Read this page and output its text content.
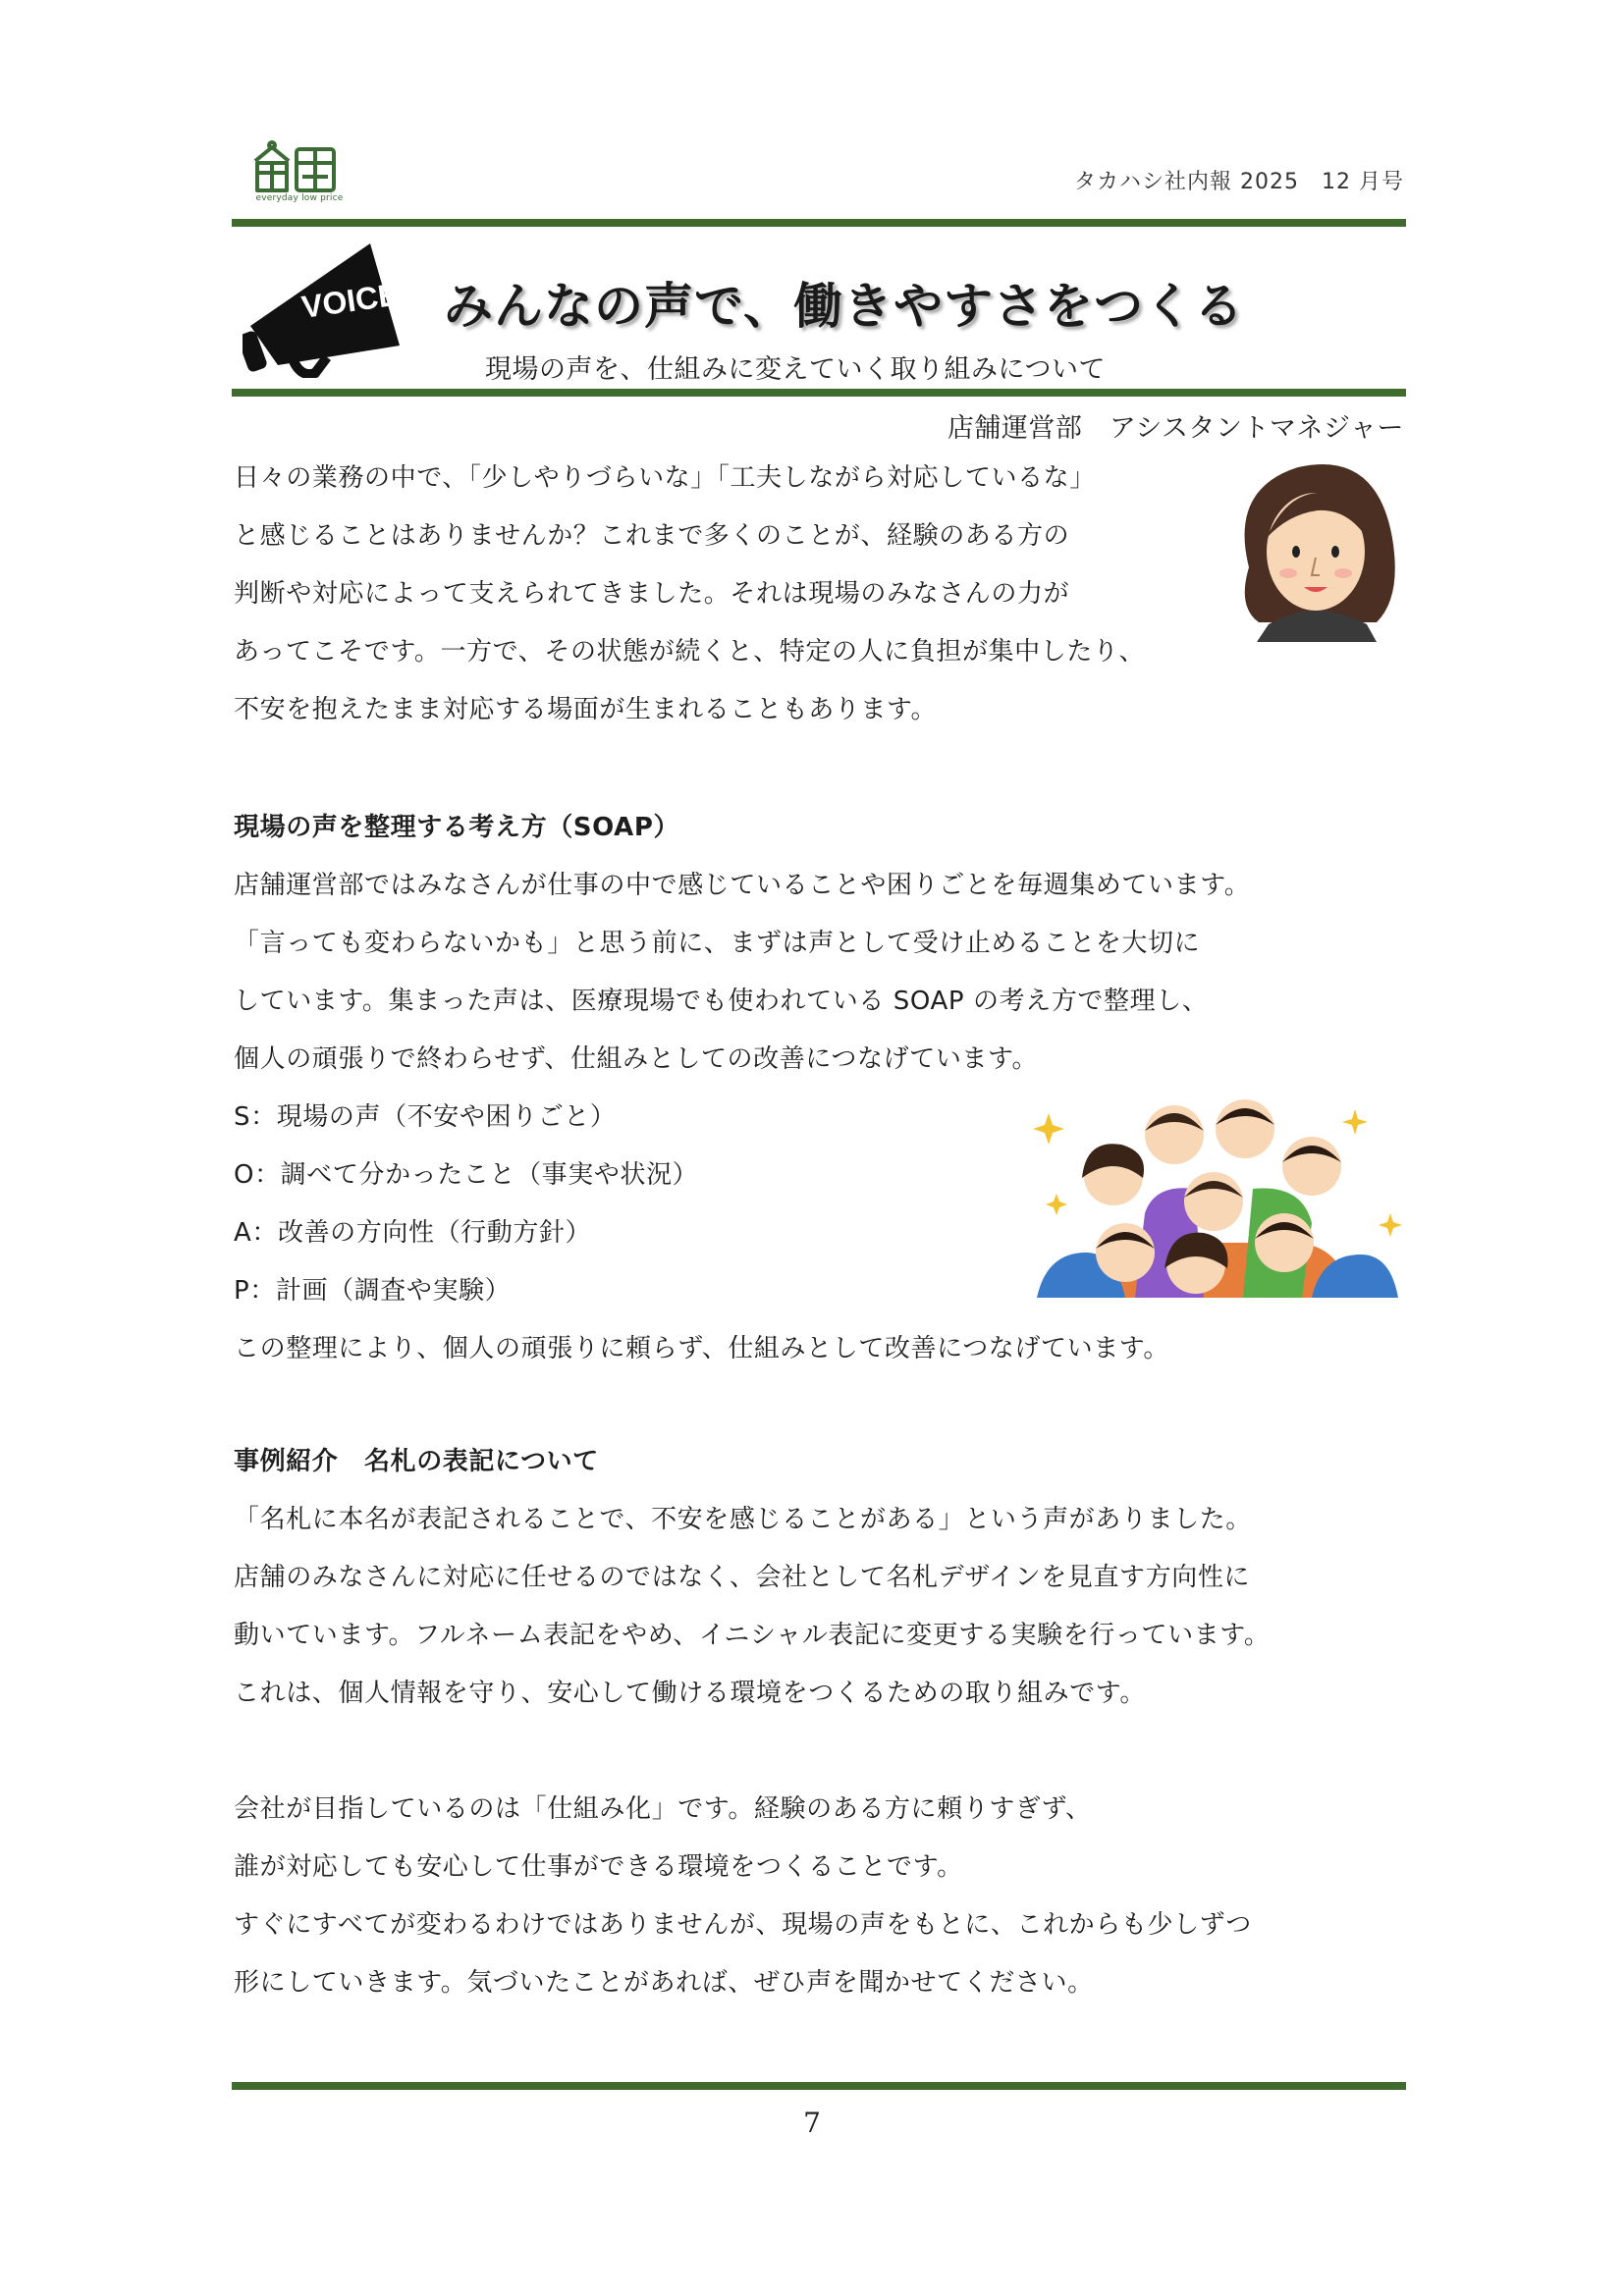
everyday low price
タカハシ社内報 2025　12 月号
VOICE みんなの声で、働きやすさをつくる
現場の声を、仕組みに変えていく取り組みについて
店舗運営部　アシスタントマネジャー
日々の業務の中で、「少しやりづらいな」「工夫しながら対応しているな」
と感じることはありませんか？これまで多くのことが、経験のある方の
判断や対応によって支えられてきました。それは現場のみなさんの力が
あってこそです。一方で、その状態が続くと、特定の人に負担が集中したり、
不安を抱えたまま対応する場面が生まれることもあります。
現場の声を整理する考え方（SOAP）
店舗運営部ではみなさんが仕事の中で感じていることや困りごとを毎週集めています。
「言っても変わらないかも」と思う前に、まずは声として受け止めることを大切に
しています。集まった声は、医療現場でも使われている SOAP の考え方で整理し、
個人の頑張りで終わらせず、仕組みとしての改善につなげています。
S：現場の声（不安や困りごと）
O：調べて分かったこと（事実や状況）
A：改善の方向性（行動方針）
P：計画（調査や実験）
この整理により、個人の頑張りに頼らず、仕組みとして改善につなげています。
事例紹介　名札の表記について
「名札に本名が表記されることで、不安を感じることがある」という声がありました。
店舗のみなさんに対応に任せるのではなく、会社として名札デザインを見直す方向性に
動いています。フルネーム表記をやめ、イニシャル表記に変更する実験を行っています。
これは、個人情報を守り、安心して働ける環境をつくるための取り組みです。
会社が目指しているのは「仕組み化」です。経験のある方に頼りすぎず、
誰が対応しても安心して仕事ができる環境をつくることです。
すぐにすべてが変わるわけではありませんが、現場の声をもとに、これからも少しずつ
形にしていきます。気づいたことがあれば、ぜひ声を聞かせてください。
7
